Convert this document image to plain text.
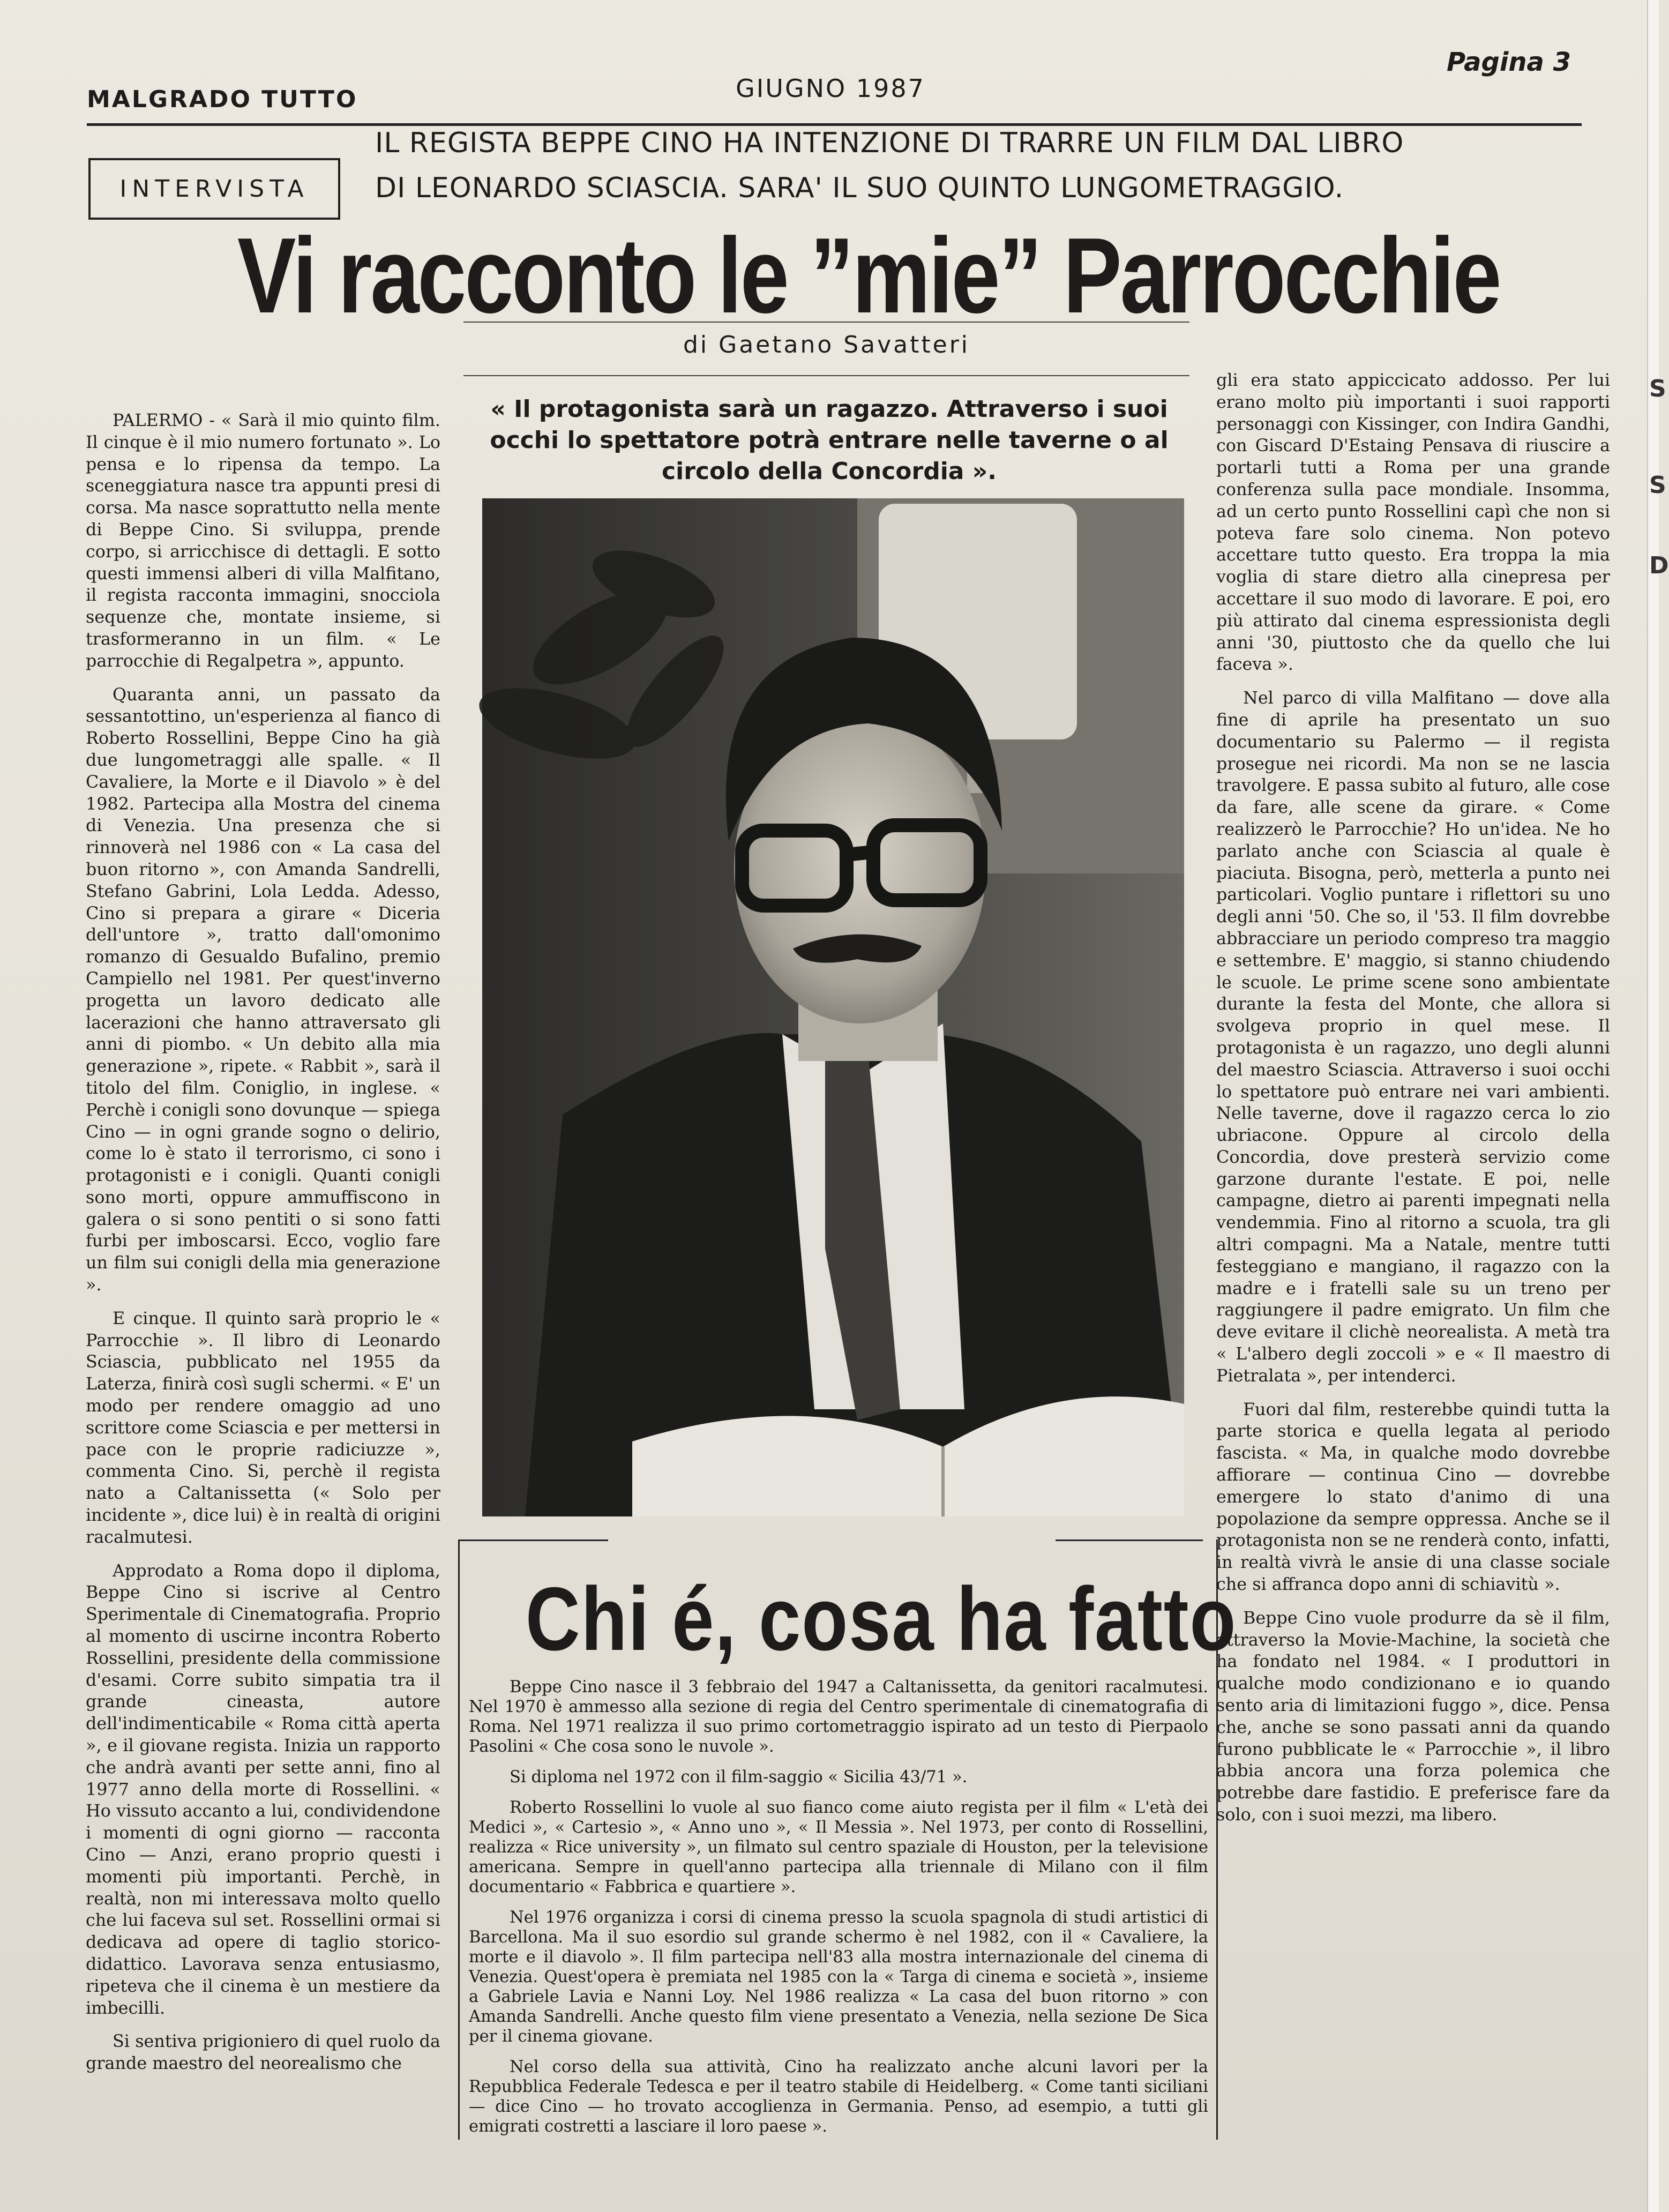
MALGRADO TUTTO	GIUGNO 1987
Pagina 3
INTERVISTA
IL REGISTA BEPPE CINO HA INTENZIONE DI TRARRE UN FILM DAL LIBRO
DI LEONARDO SCIASCIA. SARA' IL SUO QUINTO LUNGOMETRAGGIO.
Vi racconto le ”mie” Parrocchie
di Gaetano Savatteri

PALERMO - « Sarà il mio quinto film. Il cinque è il mio numero fortunato ». Lo pensa e lo ripensa da tempo. La sceneggiatura nasce tra appunti presi di corsa. Ma nasce soprattutto nella mente di Beppe Cino. Si sviluppa, prende corpo, si arricchisce di dettagli. E sotto questi immensi alberi di villa Malfitano, il regista racconta immagini, snocciola sequenze che, montate insieme, si trasformeranno in un film. « Le parrocchie di Regalpetra », appunto.

Quaranta anni, un passato da sessantottino, un'esperienza al fianco di Roberto Rossellini, Beppe Cino ha già due lungometraggi alle spalle. « Il Cavaliere, la Morte e il Diavolo » è del 1982. Partecipa alla Mostra del cinema di Venezia. Una presenza che si rinnoverà nel 1986 con « La casa del buon ritorno », con Amanda Sandrelli, Stefano Gabrini, Lola Ledda. Adesso, Cino si prepara a girare « Diceria dell'untore », tratto dall'omonimo romanzo di Gesualdo Bufalino, premio Campiello nel 1981. Per quest'inverno progetta un lavoro dedicato alle lacerazioni che hanno attraversato gli anni di piombo. « Un debito alla mia generazione », ripete. « Rabbit », sarà il titolo del film. Coniglio, in inglese. « Perchè i conigli sono dovunque — spiega Cino — in ogni grande sogno o delirio, come lo è stato il terrorismo, ci sono i protagonisti e i conigli. Quanti conigli sono morti, oppure ammuffiscono in galera o si sono pentiti o si sono fatti furbi per imboscarsi. Ecco, voglio fare un film sui conigli della mia generazione ».

E cinque. Il quinto sarà proprio le « Parrocchie ». Il libro di Leonardo Sciascia, pubblicato nel 1955 da Laterza, finirà così sugli schermi. « E' un modo per rendere omaggio ad uno scrittore come Sciascia e per mettersi in pace con le proprie radiciuzze », commenta Cino. Si, perchè il regista nato a Caltanissetta (« Solo per incidente », dice lui) è in realtà di origini racalmutesi.

Approdato a Roma dopo il diploma, Beppe Cino si iscrive al Centro Sperimentale di Cinematografia. Proprio al momento di uscirne incontra Roberto Rossellini, presidente della commissione d'esami. Corre subito simpatia tra il grande cineasta, autore dell'indimenticabile « Roma città aperta », e il giovane regista. Inizia un rapporto che andrà avanti per sette anni, fino al 1977 anno della morte di Rossellini. « Ho vissuto accanto a lui, condividendone i momenti di ogni giorno — racconta Cino — Anzi, erano proprio questi i momenti più importanti. Perchè, in realtà, non mi interessava molto quello che lui faceva sul set. Rossellini ormai si dedicava ad opere di taglio storico-didattico. Lavorava senza entusiasmo, ripeteva che il cinema è un mestiere da imbecilli.

Si sentiva prigioniero di quel ruolo da grande maestro del neorealismo che

« Il protagonista sarà un ragazzo. Attraverso i suoi occhi lo spettatore potrà entrare nelle taverne o al circolo della Concordia ».
Chi é, cosa ha fatto

Beppe Cino nasce il 3 febbraio del 1947 a Caltanissetta, da genitori racalmutesi. Nel 1970 è ammesso alla sezione di regia del Centro sperimentale di cinematografia di Roma. Nel 1971 realizza il suo primo cortometraggio ispirato ad un testo di Pierpaolo Pasolini « Che cosa sono le nuvole ».

Si diploma nel 1972 con il film-saggio « Sicilia 43/71 ».

Roberto Rossellini lo vuole al suo fianco come aiuto regista per il film « L'età dei Medici », « Cartesio », « Anno uno », « Il Messia ». Nel 1973, per conto di Rossellini, realizza « Rice university », un filmato sul centro spaziale di Houston, per la televisione americana. Sempre in quell'anno partecipa alla triennale di Milano con il film documentario « Fabbrica e quartiere ».

Nel 1976 organizza i corsi di cinema presso la scuola spagnola di studi artistici di Barcellona. Ma il suo esordio sul grande schermo è nel 1982, con il « Cavaliere, la morte e il diavolo ». Il film partecipa nell'83 alla mostra internazionale del cinema di Venezia. Quest'opera è premiata nel 1985 con la « Targa di cinema e società », insieme a Gabriele Lavia e Nanni Loy. Nel 1986 realizza « La casa del buon ritorno » con Amanda Sandrelli. Anche questo film viene presentato a Venezia, nella sezione De Sica per il cinema giovane.

Nel corso della sua attività, Cino ha realizzato anche alcuni lavori per la Repubblica Federale Tedesca e per il teatro stabile di Heidelberg. « Come tanti siciliani — dice Cino — ho trovato accoglienza in Germania. Penso, ad esempio, a tutti gli emigrati costretti a lasciare il loro paese ».

gli era stato appiccicato addosso. Per lui erano molto più importanti i suoi rapporti personaggi con Kissinger, con Indira Gandhi, con Giscard D'Estaing Pensava di riuscire a portarli tutti a Roma per una grande conferenza sulla pace mondiale. Insomma, ad un certo punto Rossellini capì che non si poteva fare solo cinema. Non potevo accettare tutto questo. Era troppa la mia voglia di stare dietro alla cinepresa per accettare il suo modo di lavorare. E poi, ero più attirato dal cinema espressionista degli anni '30, piuttosto che da quello che lui faceva ».

Nel parco di villa Malfitano — dove alla fine di aprile ha presentato un suo documentario su Palermo — il regista prosegue nei ricordi. Ma non se ne lascia travolgere. E passa subito al futuro, alle cose da fare, alle scene da girare. « Come realizzerò le Parrocchie? Ho un'idea. Ne ho parlato anche con Sciascia al quale è piaciuta. Bisogna, però, metterla a punto nei particolari. Voglio puntare i riflettori su uno degli anni '50. Che so, il '53. Il film dovrebbe abbracciare un periodo compreso tra maggio e settembre. E' maggio, si stanno chiudendo le scuole. Le prime scene sono ambientate durante la festa del Monte, che allora si svolgeva proprio in quel mese. Il protagonista è un ragazzo, uno degli alunni del maestro Sciascia. Attraverso i suoi occhi lo spettatore può entrare nei vari ambienti. Nelle taverne, dove il ragazzo cerca lo zio ubriacone. Oppure al circolo della Concordia, dove presterà servizio come garzone durante l'estate. E poi, nelle campagne, dietro ai parenti impegnati nella vendemmia. Fino al ritorno a scuola, tra gli altri compagni. Ma a Natale, mentre tutti festeggiano e mangiano, il ragazzo con la madre e i fratelli sale su un treno per raggiungere il padre emigrato. Un film che deve evitare il clichè neorealista. A metà tra « L'albero degli zoccoli » e « Il maestro di Pietralata », per intenderci.

Fuori dal film, resterebbe quindi tutta la parte storica e quella legata al periodo fascista. « Ma, in qualche modo dovrebbe affiorare — continua Cino — dovrebbe emergere lo stato d'animo di una popolazione da sempre oppressa. Anche se il protagonista non se ne renderà conto, infatti, in realtà vivrà le ansie di una classe sociale che si affranca dopo anni di schiavitù ».

Beppe Cino vuole produrre da sè il film, attraverso la Movie-Machine, la società che ha fondato nel 1984. « I produttori in qualche modo condizionano e io quando sento aria di limitazioni fuggo », dice. Pensa che, anche se sono passati anni da quando furono pubblicate le « Parrocchie », il libro abbia ancora una forza polemica che potrebbe dare fastidio. E preferisce fare da solo, con i suoi mezzi, ma libero.

S
S
D
